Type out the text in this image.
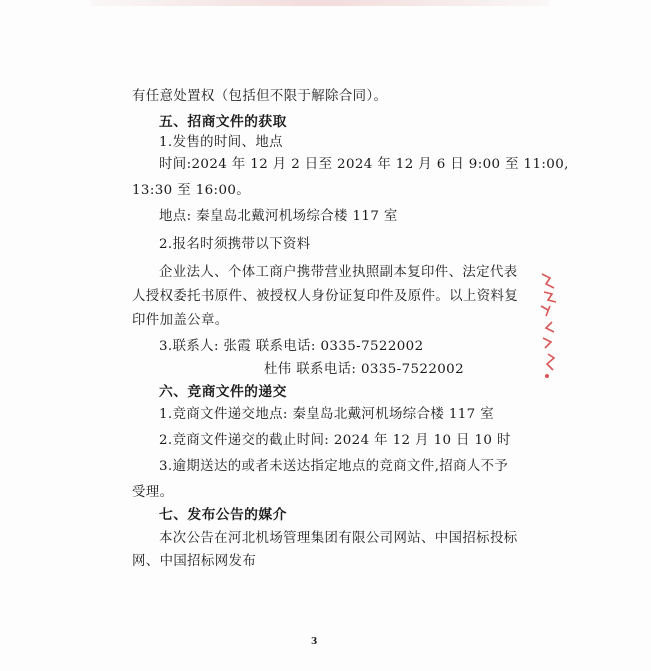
有任意处置权（包括但不限于解除合同）。
五、招商文件的获取
1.发售的时间、地点
时间:2024 年 12 月 2 日至 2024 年 12 月 6 日 9:00 至 11:00,
13:30 至 16:00。
地点: 秦皇岛北戴河机场综合楼 117 室
2.报名时须携带以下资料
企业法人、个体工商户携带营业执照副本复印件、法定代表
人授权委托书原件、被授权人身份证复印件及原件。以上资料复
印件加盖公章。
3.联系人: 张霞 联系电话: 0335-7522002
杜伟 联系电话: 0335-7522002
六、竞商文件的递交
1.竞商文件递交地点: 秦皇岛北戴河机场综合楼 117 室
2.竞商文件递交的截止时间: 2024 年 12 月 10 日 10 时
3.逾期送达的或者未送达指定地点的竞商文件,招商人不予
受理。
七、发布公告的媒介
本次公告在河北机场管理集团有限公司网站、中国招标投标
网、中国招标网发布
3
